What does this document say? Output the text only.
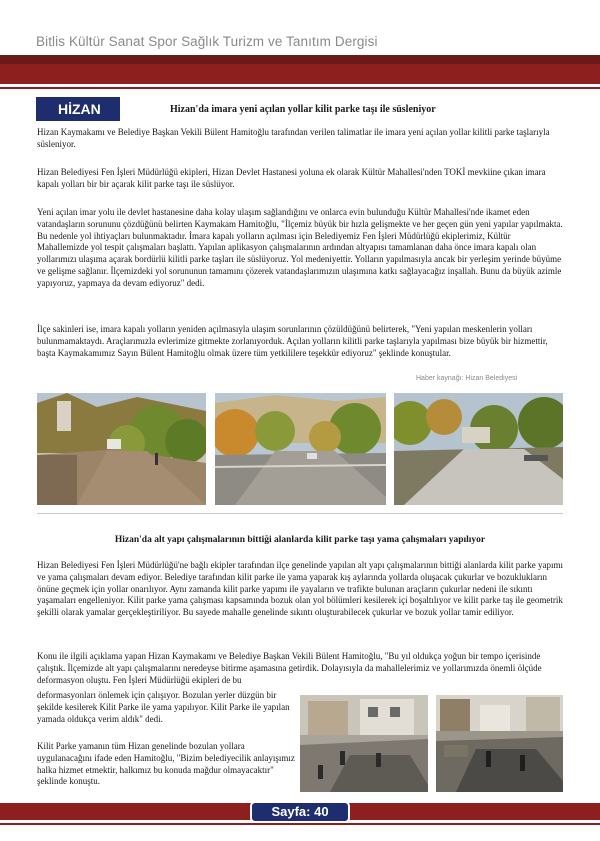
Bitlis Kültür Sanat Spor Sağlık Turizm ve Tanıtım Dergisi
HİZAN	Hizan'da imara yeni açılan yollar kilit parke taşı ile süsleniyor

Hizan Kaymakamı ve Belediye Başkan Vekili Bülent Hamitoğlu tarafından verilen talimatlar ile imara yeni açılan yollar kilitli parke taşlarıyla süsleniyor.

Hizan Belediyesi Fen İşleri Müdürlüğü ekipleri, Hizan Devlet Hastanesi yoluna ek olarak Kültür Mahallesi'nden TOKİ mevkiine çıkan imara kapalı yolları bir bir açarak kilit parke taşı ile süslüyor.

Yeni açılan imar yolu ile devlet hastanesine daha kolay ulaşım sağlandığını ve onlarca evin bulunduğu Kültür Mahallesi'nde ikamet eden vatandaşların sorununu çözdüğünü belirten Kaymakam Hamitoğlu, "İlçemiz büyük bir hızla gelişmekte ve her geçen gün yeni yapılar yapılmakta. Bu nedenle yol ihtiyaçları bulunmaktadır. İmara kapalı yolların açılması için Belediyemiz Fen İşleri Müdürlüğü ekiplerimiz, Kültür Mahallemizde yol tespit çalışmaları başlattı. Yapılan aplikasyon çalışmalarının ardından altyapısı tamamlanan daha önce imara kapalı olan yollarımızı ulaşıma açarak bordürlü kilitli parke taşları ile süslüyoruz. Yol medeniyettir. Yolların yapılmasıyla ancak bir yerleşim yerinde büyüme ve gelişme sağlanır. İlçemizdeki yol sorununun tamamını çözerek vatandaşlarımızın ulaşımına katkı sağlayacağız inşallah. Bunu da büyük azimle yapıyoruz, yapmaya da devam ediyoruz" dedi.

İlçe sakinleri ise, imara kapalı yolların yeniden açılmasıyla ulaşım sorunlarının çözüldüğünü belirterek, "Yeni yapılan meskenlerin yolları bulunmamaktaydı. Araçlarımızla evlerimize gitmekte zorlanıyorduk. Açılan yolların kilitli parke taşlarıyla yapılması bize büyük bir hizmettir, başta Kaymakamımız Sayın Bülent Hamitoğlu olmak üzere tüm yetkililere teşekkür ediyoruz" şeklinde konuştular.

Haber kaynağı: Hizan Belediyesi
Hizan'da alt yapı çalışmalarının bittiği alanlarda kilit parke taşı yama çalışmaları yapılıyor

Hizan Belediyesi Fen İşleri Müdürlüğü'ne bağlı ekipler tarafından ilçe genelinde yapılan alt yapı çalışmalarının bittiği alanlarda kilit parke yapımı ve yama çalışmaları devam ediyor. Belediye tarafından kilit parke ile yama yaparak kış aylarında yollarda oluşacak çukurlar ve bozuklukların önüne geçmek için yollar onarılıyor. Aynı zamanda kilit parke yapımı ile yayaların ve trafikte bulunan araçların çukurlar nedeni ile sıkıntı yaşamaları engelleniyor. Kilit parke yama çalışması kapsamında bozuk olan yol bölümleri kesilerek içi boşaltılıyor ve kilit parke taş ile geometrik şekilli olarak yamalar gerçekleştiriliyor. Bu sayede mahalle genelinde sıkıntı oluşturabilecek çukurlar ve bozuk yollar tamir ediliyor.

Konu ile ilgili açıklama yapan Hizan Kaymakamı ve Belediye Başkan Vekili Bülent Hamitoğlu, "Bu yıl oldukça yoğun bir tempo içerisinde çalıştık. İlçemizde alt yapı çalışmalarını neredeyse bitirme aşamasına getirdik. Dolayısıyla da mahallelerimiz ve yollarımızda önemli ölçüde deformasyon oluştu. Fen İşleri Müdürlüğü ekipleri de bu

deformasyonları önlemek için çalışıyor. Bozulan yerler düzgün bir şekilde kesilerek Kilit Parke ile yama yapılıyor. Kilit Parke ile yapılan yamada oldukça verim aldık" dedi.

Kilit Parke yamanın tüm Hizan genelinde bozulan yollara uygulanacağını ifade eden Hamitoğlu, "Bizim belediyecilik anlayışımız halka hizmet etmektir, halkımız bu konuda mağdur olmayacaktır" şeklinde konuştu.

Sayfa: 40
